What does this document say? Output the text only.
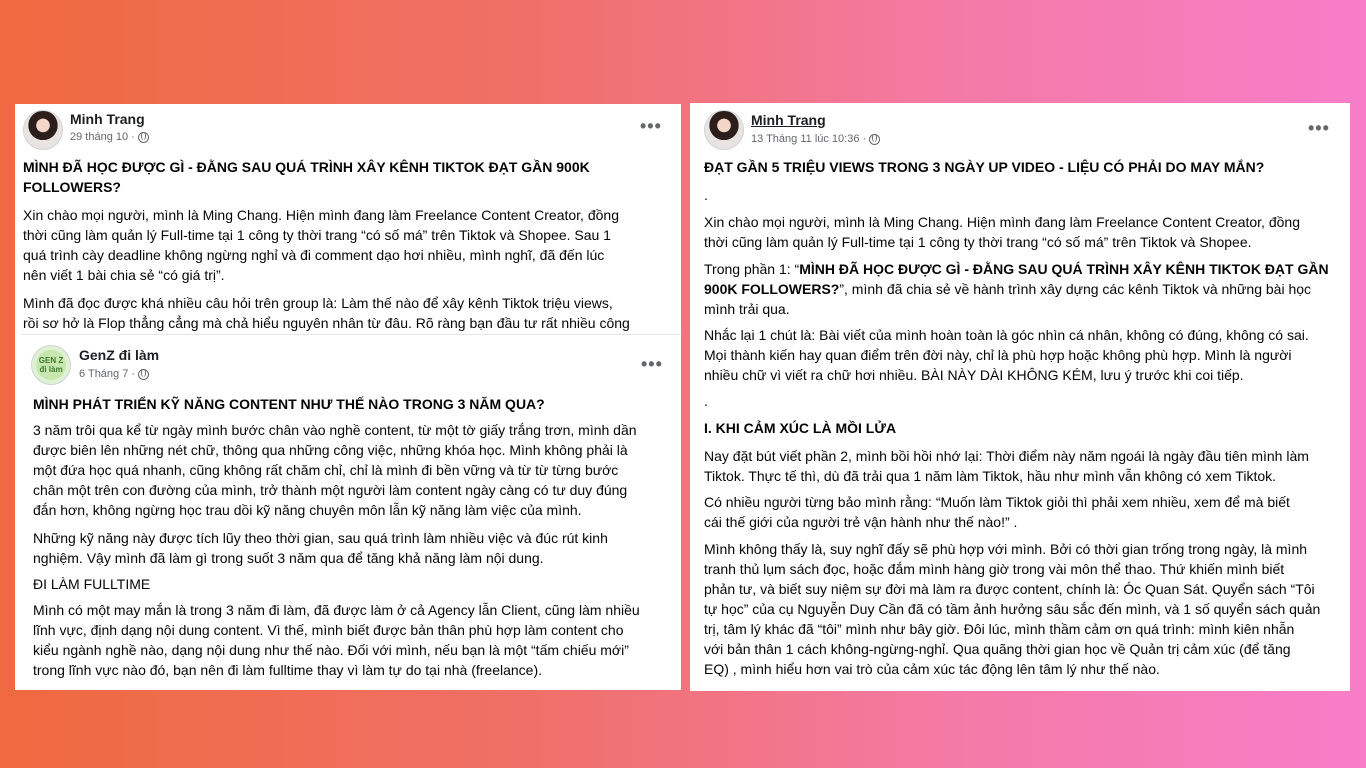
Minh Trang
29 tháng 10 ·
•••
MÌNH ĐÃ HỌC ĐƯỢC GÌ - ĐẰNG SAU QUÁ TRÌNH XÂY KÊNH TIKTOK ĐẠT GẦN 900K
FOLLOWERS?
Xin chào mọi người, mình là Ming Chang. Hiện mình đang làm Freelance Content Creator, đồng
thời cũng làm quản lý Full-time tại 1 công ty thời trang “có số má” trên Tiktok và Shopee. Sau 1
quá trình cày deadline không ngừng nghỉ và đi comment dạo hơi nhiều, mình nghĩ, đã đến lúc
nên viết 1 bài chia sẻ “có giá trị”.
Mình đã đọc được khá nhiều câu hỏi trên group là: Làm thế nào để xây kênh Tiktok triệu views,
rồi sơ hở là Flop thẳng cẳng mà chả hiểu nguyên nhân từ đâu. Rõ ràng bạn đầu tư rất nhiều công
GEN Z đi làm
GenZ đi làm
6 Tháng 7 ·	•••
MÌNH PHÁT TRIỂN KỸ NĂNG CONTENT NHƯ THẾ NÀO TRONG 3 NĂM QUA?
3 năm trôi qua kể từ ngày mình bước chân vào nghề content, từ một tờ giấy trắng trơn, mình dần
được biên lên những nét chữ, thông qua những công việc, những khóa học. Mình không phải là
một đứa học quá nhanh, cũng không rất chăm chỉ, chỉ là mình đi bền vững và từ từ từng bước
chân một trên con đường của mình, trở thành một người làm content ngày càng có tư duy đúng
đắn hơn, không ngừng học trau dồi kỹ năng chuyên môn lẫn kỹ năng làm việc của mình.
Những kỹ năng này được tích lũy theo thời gian, sau quá trình làm nhiều việc và đúc rút kinh
nghiệm. Vậy mình đã làm gì trong suốt 3 năm qua để tăng khả năng làm nội dung.
ĐI LÀM FULLTIME
Mình có một may mắn là trong 3 năm đi làm, đã được làm ở cả Agency lẫn Client, cũng làm nhiều
lĩnh vực, định dạng nội dung content. Vì thế, mình biết được bản thân phù hợp làm content cho
kiểu ngành nghề nào, dạng nội dung như thế nào. Đối với mình, nếu bạn là một “tấm chiếu mới”
trong lĩnh vực nào đó, bạn nên đi làm fulltime thay vì làm tự do tại nhà (freelance).
Minh Trang
13 Tháng 11 lúc 10:36 ·
•••
ĐẠT GẦN 5 TRIỆU VIEWS TRONG 3 NGÀY UP VIDEO - LIỆU CÓ PHẢI DO MAY MẮN?
.
Xin chào mọi người, mình là Ming Chang. Hiện mình đang làm Freelance Content Creator, đồng
thời cũng làm quản lý Full-time tại 1 công ty thời trang “có số má” trên Tiktok và Shopee.
Trong phần 1: “MÌNH ĐÃ HỌC ĐƯỢC GÌ - ĐẰNG SAU QUÁ TRÌNH XÂY KÊNH TIKTOK ĐẠT GẦN
900K FOLLOWERS?”, mình đã chia sẻ về hành trình xây dựng các kênh Tiktok và những bài học
mình trải qua.
Nhắc lại 1 chút là: Bài viết của mình hoàn toàn là góc nhìn cá nhân, không có đúng, không có sai.
Mọi thành kiến hay quan điểm trên đời này, chỉ là phù hợp hoặc không phù hợp. Mình là người
nhiều chữ vì viết ra chữ hơi nhiều. BÀI NÀY DÀI KHÔNG KÉM, lưu ý trước khi coi tiếp.
.
I. KHI CẢM XÚC LÀ MỒI LỬA
Nay đặt bút viết phần 2, mình bồi hồi nhớ lại: Thời điểm này năm ngoái là ngày đầu tiên mình làm
Tiktok. Thực tế thì, dù đã trải qua 1 năm làm Tiktok, hầu như mình vẫn không có xem Tiktok.
Có nhiều người từng bảo mình rằng: “Muốn làm Tiktok giỏi thì phải xem nhiều, xem để mà biết
cái thế giới của người trẻ vận hành như thế nào!” .
Mình không thấy là, suy nghĩ đấy sẽ phù hợp với mình. Bởi có thời gian trống trong ngày, là mình
tranh thủ lụm sách đọc, hoặc đắm mình hàng giờ trong vài môn thể thao. Thứ khiến mình biết
phản tư, và biết suy niệm sự đời mà làm ra được content, chính là: Óc Quan Sát. Quyển sách “Tôi
tự học” của cụ Nguyễn Duy Cần đã có tầm ảnh hưởng sâu sắc đến mình, và 1 số quyển sách quản
trị, tâm lý khác đã “tôi” mình như bây giờ. Đôi lúc, mình thầm cảm ơn quá trình: mình kiên nhẫn
với bản thân 1 cách không-ngừng-nghỉ. Qua quãng thời gian học về Quản trị cảm xúc (để tăng
EQ) , mình hiểu hơn vai trò của cảm xúc tác động lên tâm lý như thế nào.
